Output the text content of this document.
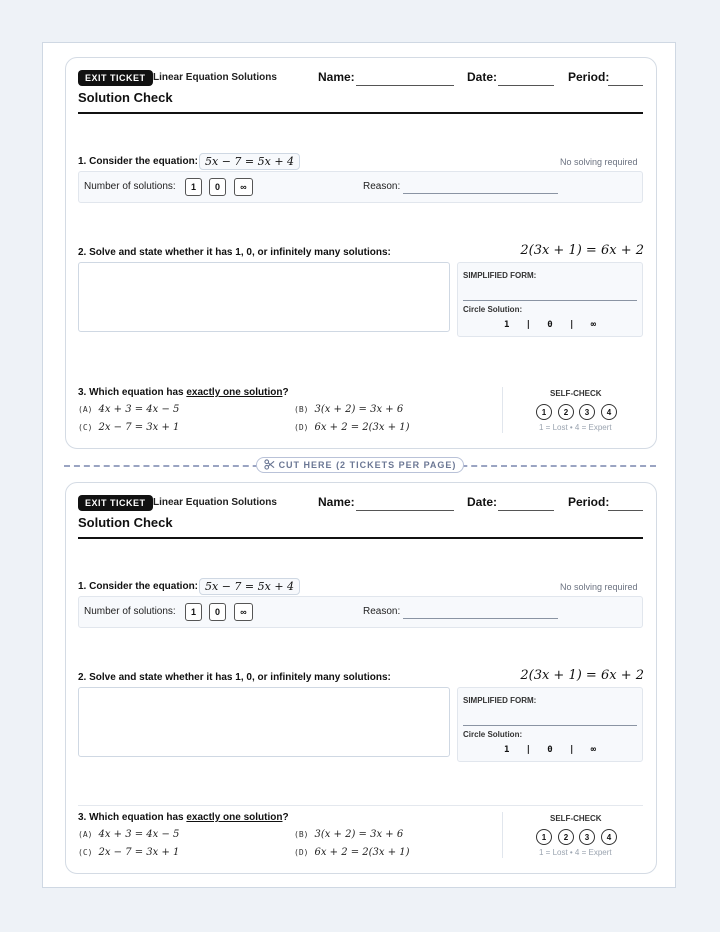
EXIT TICKET Linear Equation Solutions	Name:	Date:	Period:
Solution Check
1. Consider the equation: 5x − 7 = 5x + 4	No solving required
Number of solutions:	1	0	∞	Reason:
2. Solve and state whether it has 1, 0, or infinitely many solutions:	2(3x + 1) = 6x + 2
SIMPLIFIED FORM:
Circle Solution:
1   |   0   |   ∞
3. Which equation has exactly one solution?
(A) 4x + 3 = 4x − 5	(B) 3(x + 2) = 3x + 6
(C) 2x − 7 = 3x + 1	(D) 6x + 2 = 2(3x + 1)
SELF-CHECK
1	2	3	4
1 = Lost • 4 = Expert
EXIT TICKET Linear Equation Solutions	Name:	Date:	Period:
Solution Check
1. Consider the equation: 5x − 7 = 5x + 4	No solving required
Number of solutions:	1	0	∞	Reason:
2. Solve and state whether it has 1, 0, or infinitely many solutions:	2(3x + 1) = 6x + 2
SIMPLIFIED FORM:
Circle Solution:
1   |   0   |   ∞
3. Which equation has exactly one solution?
(A) 4x + 3 = 4x − 5	(B) 3(x + 2) = 3x + 6
(C) 2x − 7 = 3x + 1	(D) 6x + 2 = 2(3x + 1)
SELF-CHECK
1	2	3	4
1 = Lost • 4 = Expert
CUT HERE (2 TICKETS PER PAGE)
